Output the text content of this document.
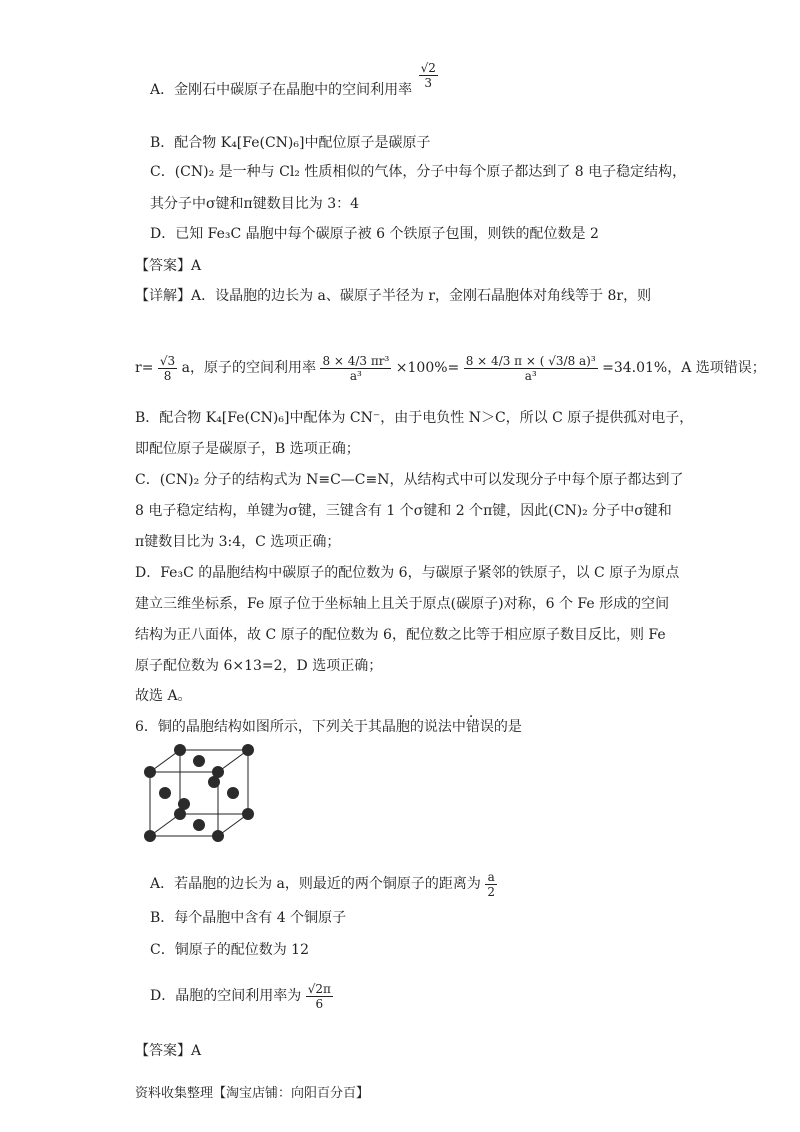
A．金刚石中碳原子在晶胞中的空间利用率
$\frac{√2}{3}$
B．配合物 K₄[Fe(CN)₆]中配位原子是碳原子
C．(CN)₂ 是一种与 Cl₂ 性质相似的气体，分子中每个原子都达到了 8 电子稳定结构，
其分子中σ键和π键数目比为 3：4
D．已知 Fe₃C 晶胞中每个碳原子被 6 个铁原子包围，则铁的配位数是 2
【答案】A
【详解】A．设晶胞的边长为 a、碳原子半径为 r，金刚石晶胞体对角线等于 8r，则
$r= \frac{√3}{8}$ a，原子的空间利用率 $\frac{\text{8 × 4/3 πr³}}{\text{a³}} \times 100\%= \frac{\text{8 × 4/3 π × ( √3/8 a)³}}{\text{a³}} =34.01\%$，A 选项错误；
B．配合物 K₄[Fe(CN)₆]中配体为 CN⁻，由于电负性 N＞C，所以 C 原子提供孤对电子，
即配位原子是碳原子，B 选项正确；
C．(CN)₂ 分子的结构式为 N≡C—C≡N，从结构式中可以发现分子中每个原子都达到了
8 电子稳定结构，单键为σ键，三键含有 1 个σ键和 2 个π键，因此(CN)₂ 分子中σ键和
π键数目比为 3:4，C 选项正确；
D．Fe₃C 的晶胞结构中碳原子的配位数为 6，与碳原子紧邻的铁原子，以 C 原子为原点
建立三维坐标系，Fe 原子位于坐标轴上且关于原点(碳原子)对称，6 个 Fe 形成的空间
结构为正八面体，故 C 原子的配位数为 6，配位数之比等于相应原子数目反比，则 Fe
原子配位数为 6×13=2，D 选项正确；
故选 A。
6．铜的晶胞结构如图所示，下列关于其晶胞的说法中错误的是
A．若晶胞的边长为 a，则最近的两个铜原子的距离为 $\frac{a}{2}$
B．每个晶胞中含有 4 个铜原子
C．铜原子的配位数为 12
D．晶胞的空间利用率为 $\frac{√2\pi}{6}$
【答案】A
资料收集整理【淘宝店铺：向阳百分百】
